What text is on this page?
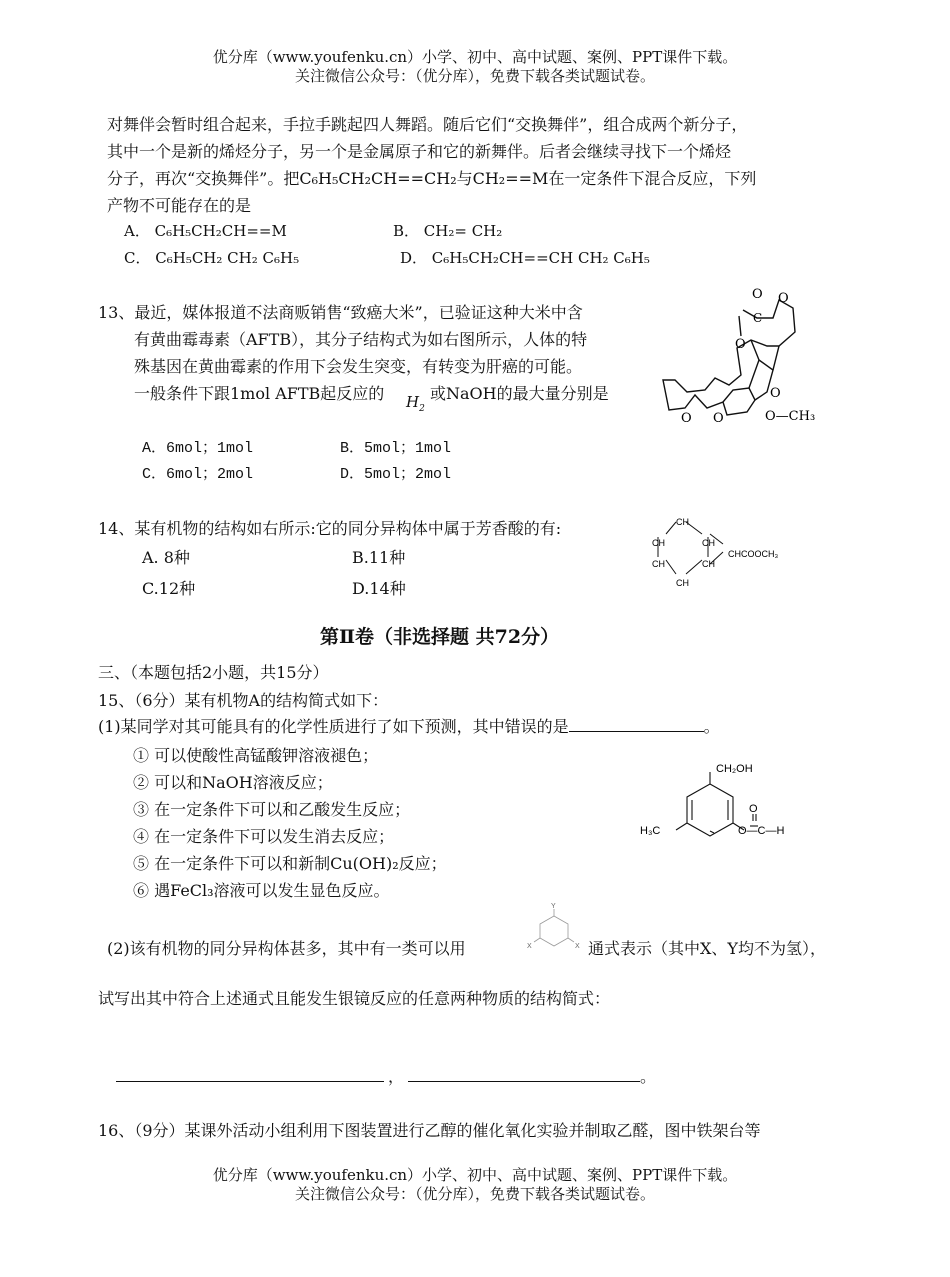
优分库（www.youfenku.cn）小学、初中、高中试题、案例、PPT课件下载。
关注微信公众号：（优分库），免费下载各类试题试卷。
对舞伴会暂时组合起来，手拉手跳起四人舞蹈。随后它们“交换舞伴”，组合成两个新分子，
其中一个是新的烯烃分子，另一个是金属原子和它的新舞伴。后者会继续寻找下一个烯烃
分子，再次“交换舞伴”。把C₆H₅CH₂CH==CH₂与CH₂==M在一定条件下混合反应，下列
产物不可能存在的是
A． C₆H₅CH₂CH==M	B． CH₂= CH₂
C． C₆H₅CH₂ CH₂ C₆H₅	D． C₆H₅CH₂CH==CH CH₂ C₆H₅
13、最近，媒体报道不法商贩销售“致癌大米”，已验证这种大米中含
有黄曲霉毒素（AFTB），其分子结构式为如右图所示，人体的特
殊基因在黄曲霉素的作用下会发生突变，有转变为肝癌的可能。
一般条件下跟1mol AFTB起反应的 $H_2$
或NaOH的最大量分别是
A．6mol；1mol	B．5mol；1mol
C．6mol；2mol	D．5mol；2mol
O O
C
O
O O	O—CH₃
O
14、某有机物的结构如右所示:它的同分异构体中属于芳香酸的有:
A. 8种	B.11种
C.12种	D.14种
CH
CH
CH
CH
CH
CH
CHCOOCH₃
第Ⅱ卷（非选择题 共72分）
三、（本题包括2小题，共15分）
15、（6分）某有机物A的结构简式如下：
(1)某同学对其可能具有的化学性质进行了如下预测，其中错误的是	。
① 可以使酸性高锰酸钾溶液褪色；
② 可以和NaOH溶液反应；
③ 在一定条件下可以和乙酸发生反应；
④ 在一定条件下可以发生消去反应；
⑤ 在一定条件下可以和新制Cu(OH)₂反应；
⑥ 遇FeCl₃溶液可以发生显色反应。
CH₂OH
H₃C
O
O—C—H
(2)该有机物的同分异构体甚多，其中有一类可以用
Y
X	X 通式表示（其中X、Y均不为氢），
试写出其中符合上述通式且能发生银镜反应的任意两种物质的结构简式：
，	。
16、（9分）某课外活动小组利用下图装置进行乙醇的催化氧化实验并制取乙醛，图中铁架台等
优分库（www.youfenku.cn）小学、初中、高中试题、案例、PPT课件下载。
关注微信公众号：（优分库），免费下载各类试题试卷。
